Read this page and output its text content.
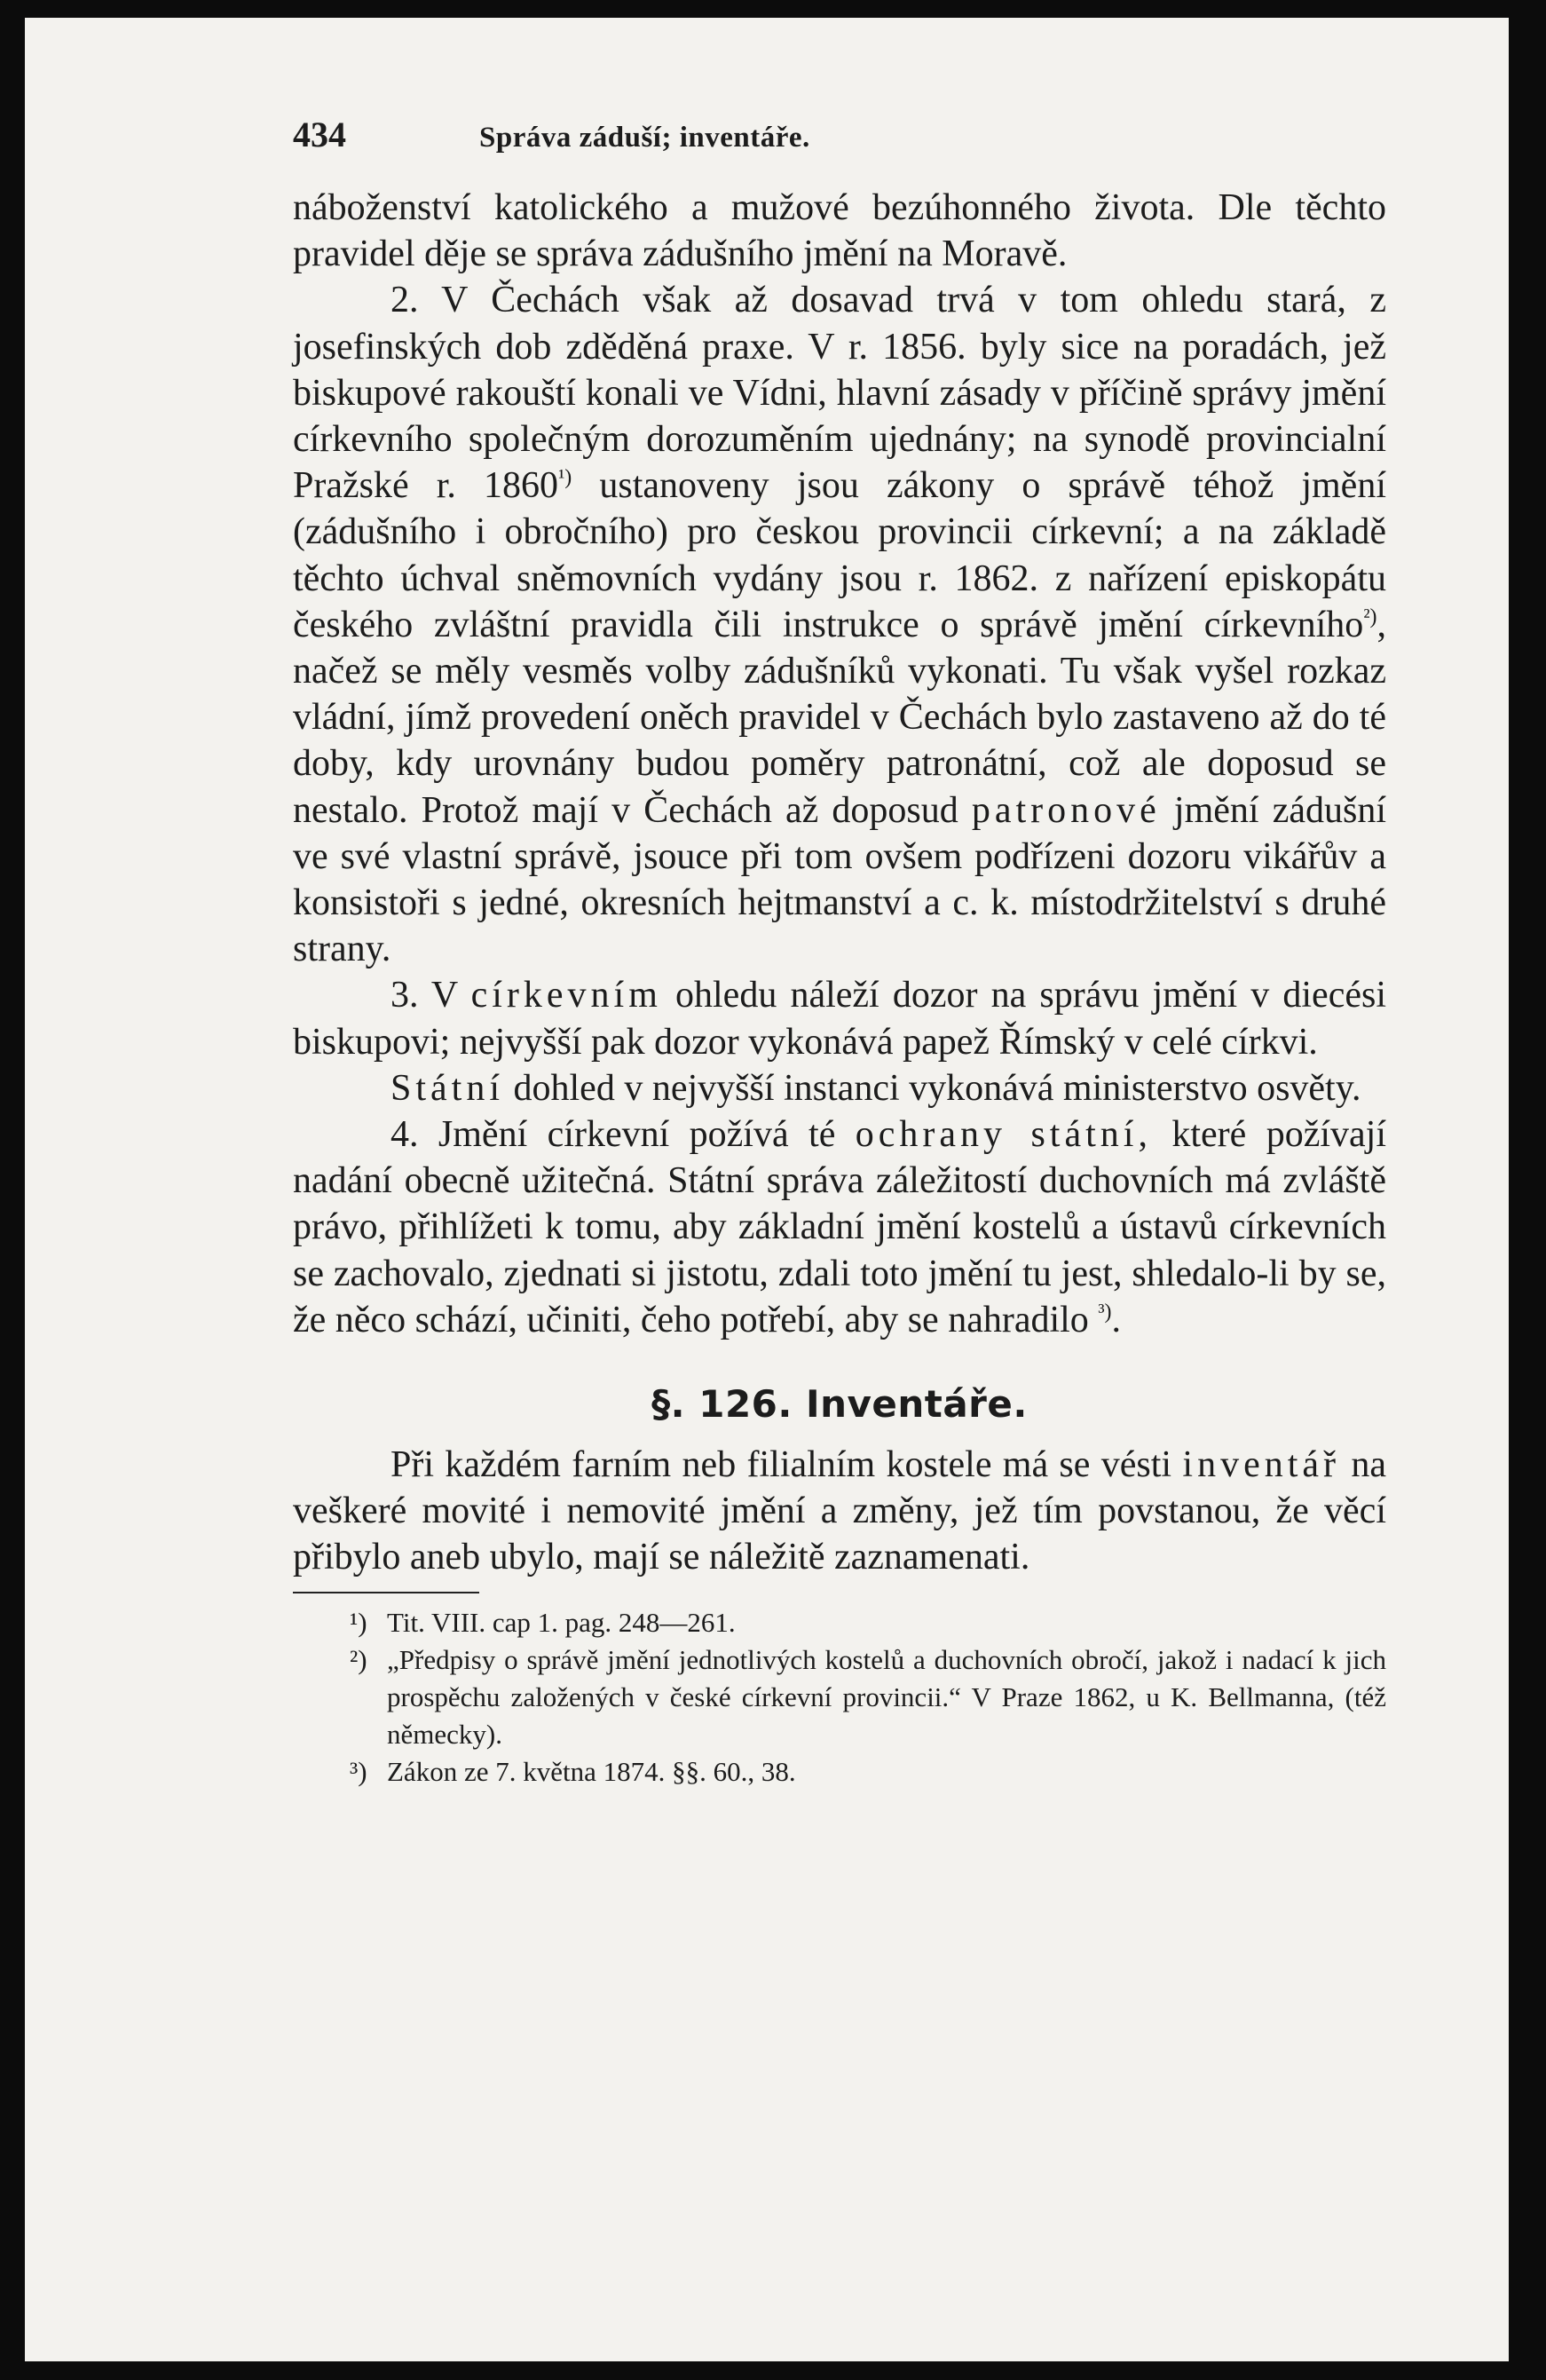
434	Správa záduší; inventáře.

náboženství katolického a mužové bezúhonného života. Dle těchto pravidel děje se správa zádušního jmění na Moravě.

2. V Čechách však až dosavad trvá v tom ohledu stará, z josefinských dob zděděná praxe. V r. 1856. byly sice na poradách, jež biskupové rakouští konali ve Vídni, hlavní zásady v příčině správy jmění církevního společným dorozuměním ujednány; na synodě provincialní Pražské r. $1860^{^1)}$ ustanoveny jsou zákony o správě téhož jmění (zádušního i obročního) pro českou provincii církevní; a na základě těchto úchval sněmovních vydány jsou r. 1862. z nařízení episkopátu českého zvláštní pravidla čili instrukce o správě jmění církevního$^{^2)}$, načež se měly vesměs volby zádušníků vykonati. Tu však vyšel rozkaz vládní, jímž provedení oněch pravidel v Čechách bylo zastaveno až do té doby, kdy urovnány budou poměry patronátní, což ale doposud se nestalo. Protož mají v Čechách až doposud patronové jmění zádušní ve své vlastní správě, jsouce při tom ovšem podřízeni dozoru vikářův a konsistoři s jedné, okresních hejtmanství a c. k. místodržitelství s druhé strany.

3. V církevním ohledu náleží dozor na správu jmění v diecési biskupovi; nejvyšší pak dozor vykonává papež Římský v celé církvi.

Státní dohled v nejvyšší instanci vykonává ministerstvo osvěty.

4. Jmění církevní požívá té ochrany státní, které požívají nadání obecně užitečná. Státní správa záležitostí duchovních má zvláště právo, přihlížeti k tomu, aby základní jmění kostelů a ústavů církevních se zachovalo, zjednati si jistotu, zdali toto jmění tu jest, shledalo-li by se, že něco schází, učiniti, čeho potřebí, aby se nahradilo $^{^3)}$.

§. 126. Inventáře.

Při každém farním neb filialním kostele má se vésti inventář na veškeré movité i nemovité jmění a změny, jež tím povstanou, že věcí přibylo aneb ubylo, mají se náležitě zaznamenati.

¹) Tit. VIII. cap 1. pag. 248—261.
²) „Předpisy o správě jmění jednotlivých kostelů a duchovních obročí, jakož i nadací k jich prospěchu založených v české církevní provincii.“ V Praze 1862, u K. Bellmanna, (též německy).
³) Zákon ze 7. května 1874. §§. 60., 38.
